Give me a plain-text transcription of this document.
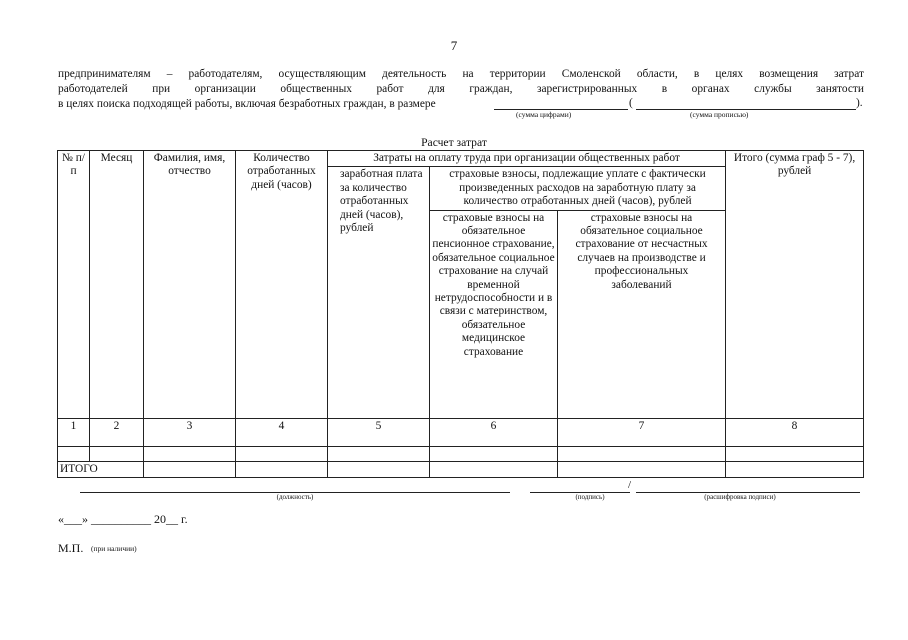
7
предпринимателям – работодателям, осуществляющим деятельность на территории Смоленской области, в целях возмещения затрат
работодателей при организации общественных работ для граждан, зарегистрированных в органах службы занятости
в целях поиска подходящей работы, включая безработных граждан, в размере	(	).
(сумма цифрами)	(сумма прописью)
Расчет затрат
№ п/п	Месяц	Фамилия, имя, отчество	Количество отработанных дней (часов)	Затраты на оплату труда при организации общественных работ			Итого (сумма граф 5 - 7), рублей
				заработная плата за количество отработанных дней (часов), рублей	страховые взносы, подлежащие уплате с фактически произведенных расходов на заработную плату за количество отработанных дней (часов), рублей		
					страховые взносы на обязательное пенсионное страхование, обязательное социальное страхование на случай временной нетрудоспособности и в связи с материнством, обязательное медицинское страхование	страховые взносы на обязательное социальное страхование от несчастных случаев на производстве и профессиональных заболеваний	
1	2	3	4	5	6	7	8

ИТОГО							
(должность)
/
(подпись)	(расшифровка подписи)
«___» __________ 20__ г.
М.П. (при наличии)
